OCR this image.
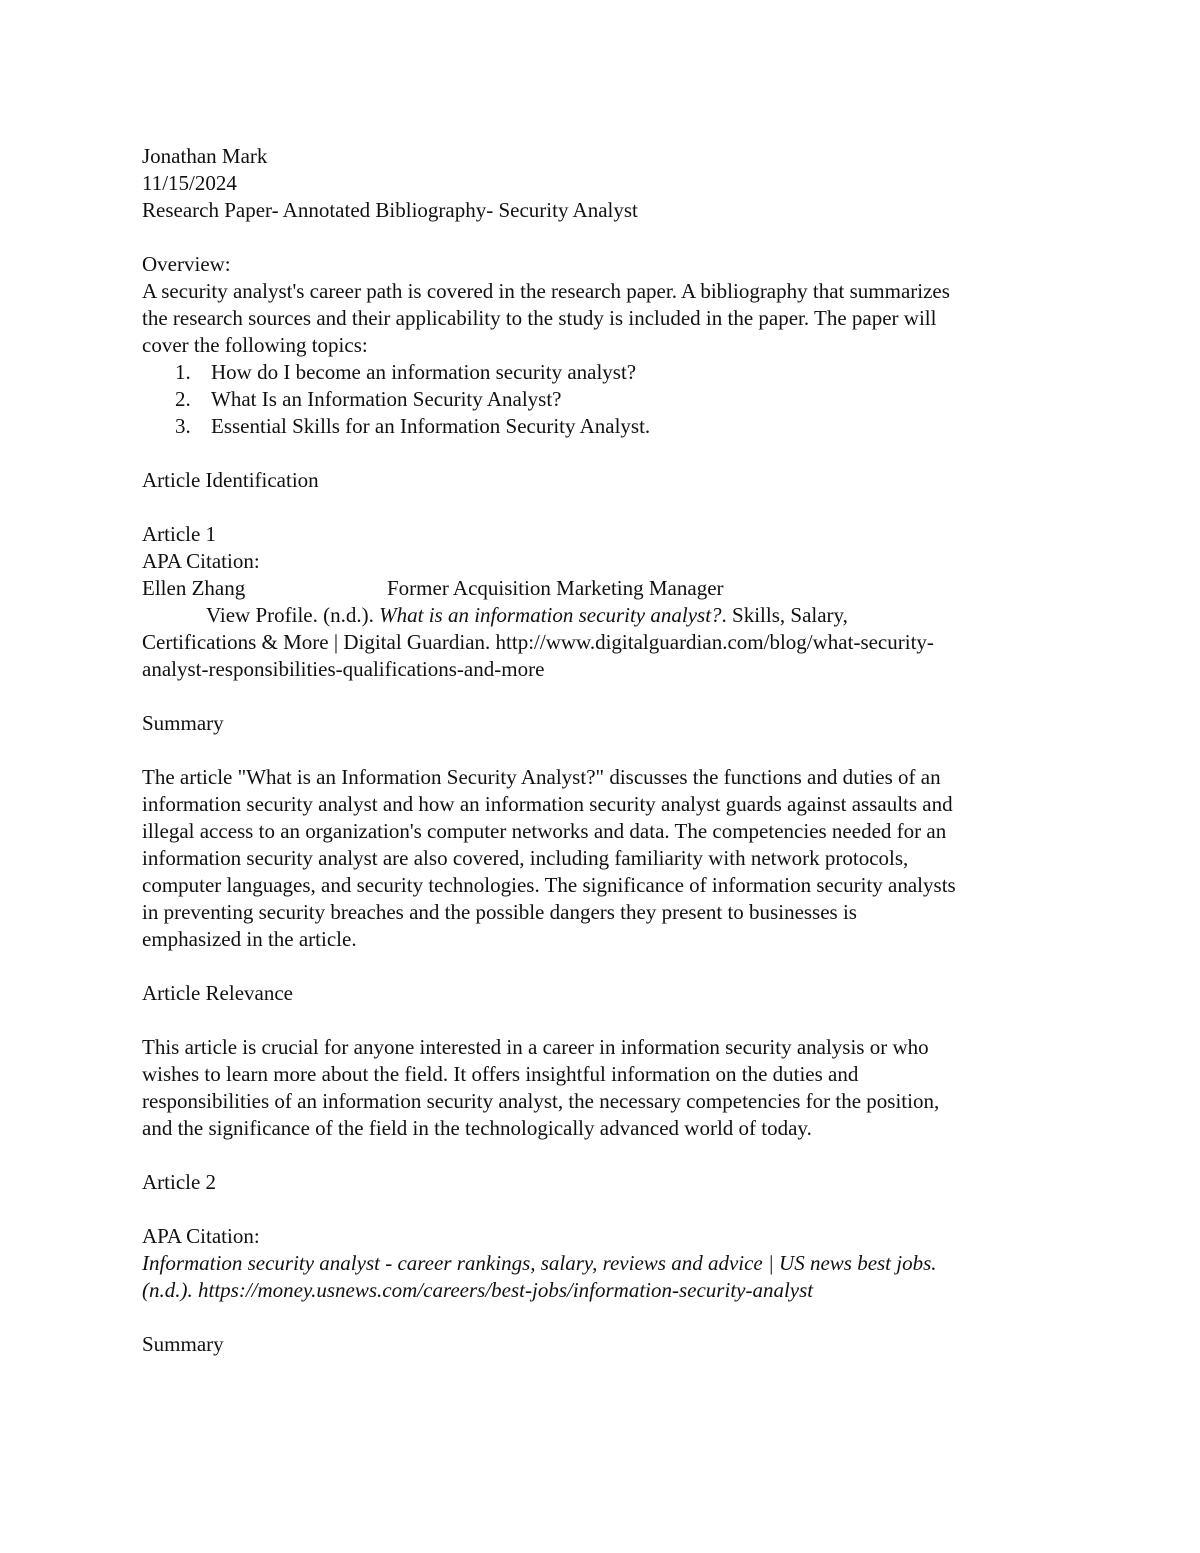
Jonathan Mark
11/15/2024
Research Paper- Annotated Bibliography- Security Analyst
Overview:
A security analyst's career path is covered in the research paper. A bibliography that summarizes
the research sources and their applicability to the study is included in the paper. The paper will
cover the following topics:
1. How do I become an information security analyst?
2. What Is an Information Security Analyst?
3. Essential Skills for an Information Security Analyst.
Article Identification
Article 1
APA Citation:
Ellen Zhang	Former Acquisition Marketing Manager
View Profile. (n.d.). What is an information security analyst?. Skills, Salary,
Certifications & More | Digital Guardian. http://www.digitalguardian.com/blog/what-security-
analyst-responsibilities-qualifications-and-more
Summary
The article "What is an Information Security Analyst?" discusses the functions and duties of an
information security analyst and how an information security analyst guards against assaults and
illegal access to an organization's computer networks and data. The competencies needed for an
information security analyst are also covered, including familiarity with network protocols,
computer languages, and security technologies. The significance of information security analysts
in preventing security breaches and the possible dangers they present to businesses is
emphasized in the article.
Article Relevance
This article is crucial for anyone interested in a career in information security analysis or who
wishes to learn more about the field. It offers insightful information on the duties and
responsibilities of an information security analyst, the necessary competencies for the position,
and the significance of the field in the technologically advanced world of today.
Article 2
APA Citation:
Information security analyst - career rankings, salary, reviews and advice | US news best jobs.
(n.d.). https://money.usnews.com/careers/best-jobs/information-security-analyst
Summary
